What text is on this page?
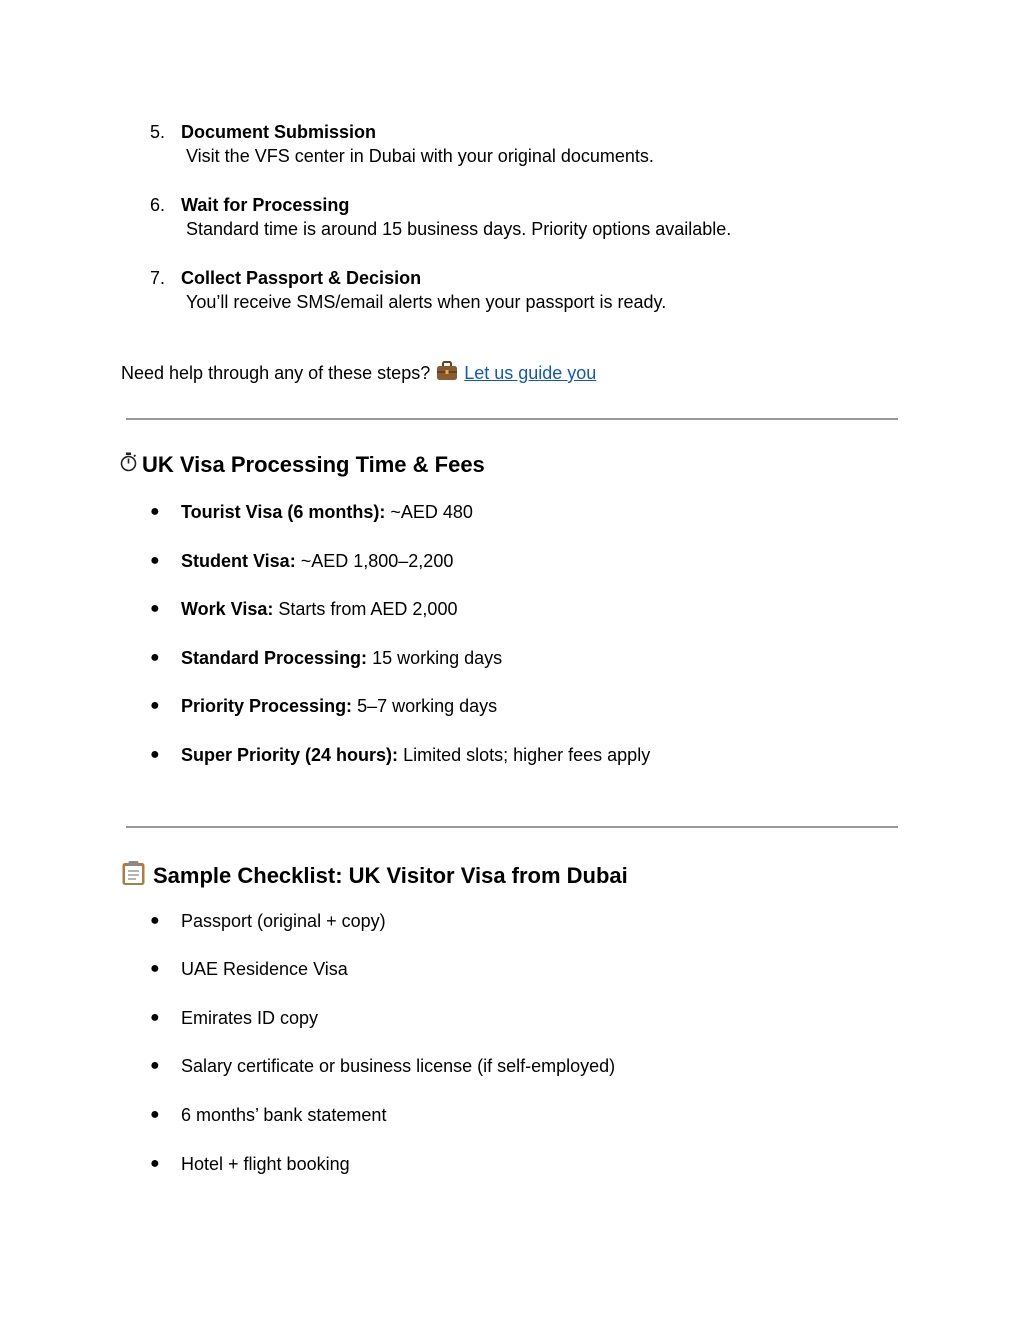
5. Document Submission
Visit the VFS center in Dubai with your original documents.
6. Wait for Processing
Standard time is around 15 business days. Priority options available.
7. Collect Passport & Decision
You’ll receive SMS/email alerts when your passport is ready.
Need help through any of these steps? Let us guide you
UK Visa Processing Time & Fees
● Tourist Visa (6 months): ~AED 480
● Student Visa: ~AED 1,800–2,200
● Work Visa: Starts from AED 2,000
● Standard Processing: 15 working days
● Priority Processing: 5–7 working days
● Super Priority (24 hours): Limited slots; higher fees apply
Sample Checklist: UK Visitor Visa from Dubai
● Passport (original + copy)
● UAE Residence Visa
● Emirates ID copy
● Salary certificate or business license (if self-employed)
● 6 months’ bank statement
● Hotel + flight booking
